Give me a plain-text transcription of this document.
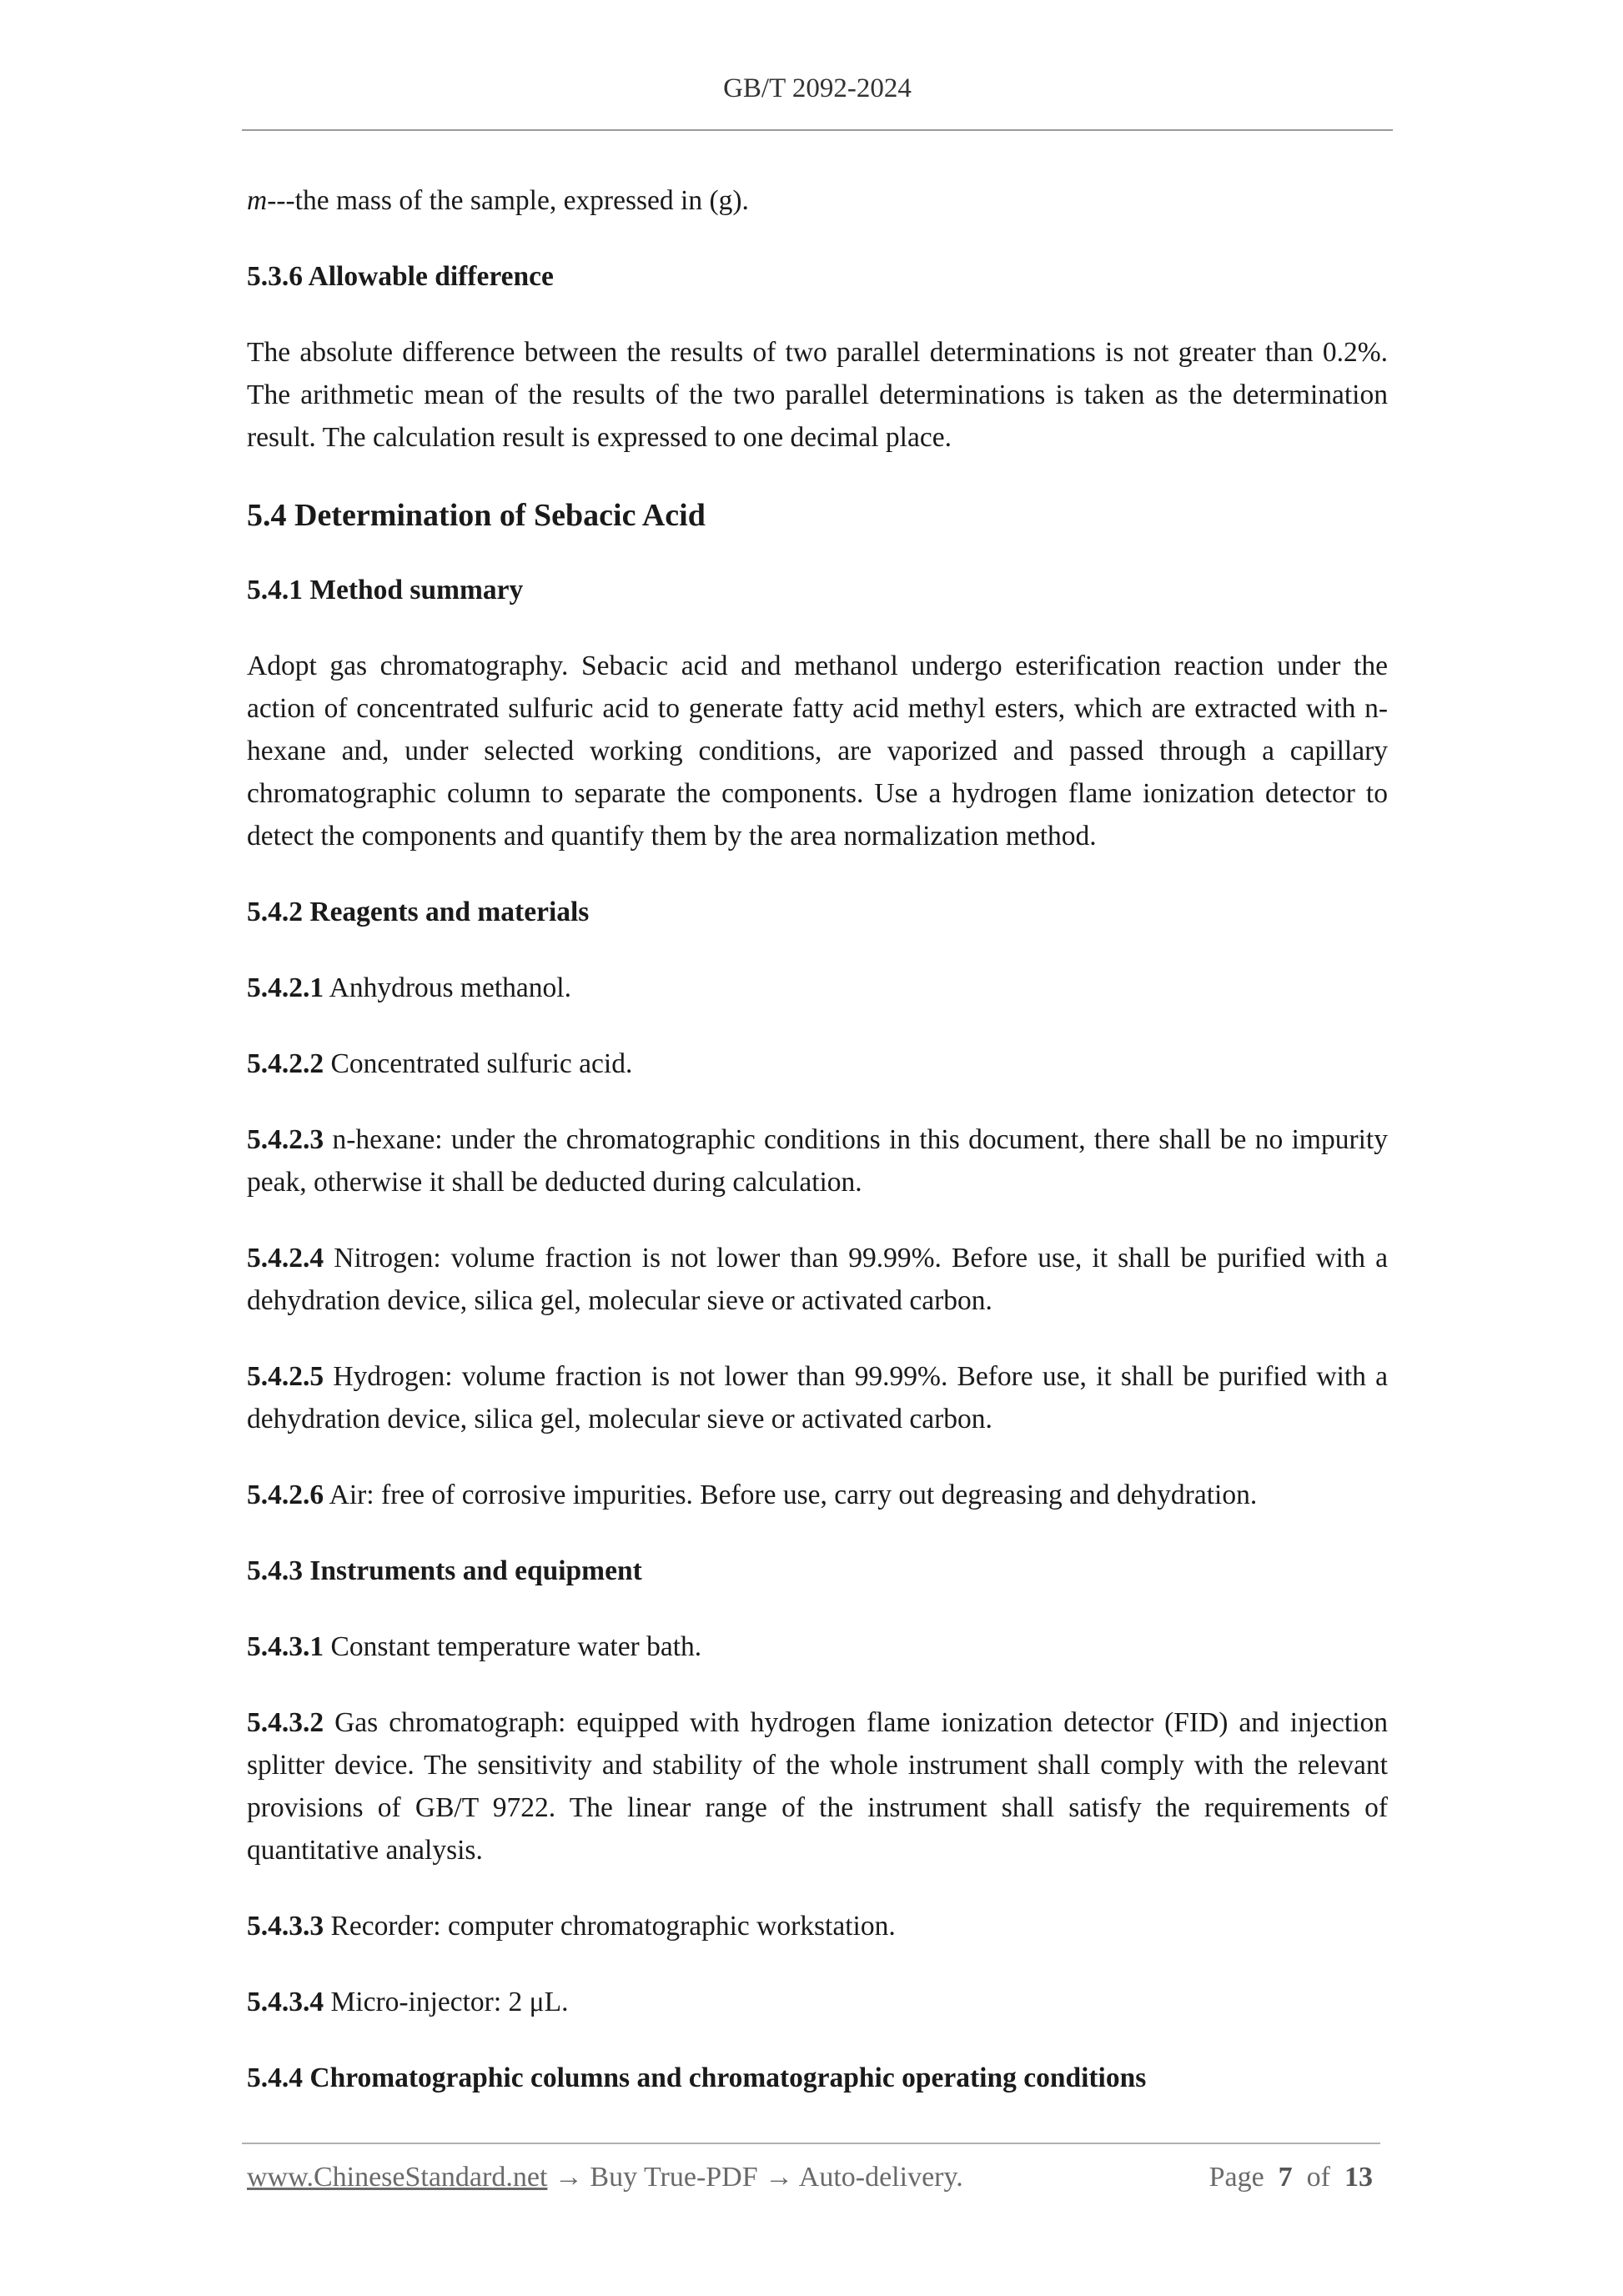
GB/T 2092-2024

m---the mass of the sample, expressed in (g).

5.3.6 Allowable difference

The absolute difference between the results of two parallel determinations is not greater than 0.2%. The arithmetic mean of the results of the two parallel determinations is taken as the determination result. The calculation result is expressed to one decimal place.

5.4 Determination of Sebacic Acid
5.4.1 Method summary

Adopt gas chromatography. Sebacic acid and methanol undergo esterification reaction under the action of concentrated sulfuric acid to generate fatty acid methyl esters, which are extracted with n-hexane and, under selected working conditions, are vaporized and passed through a capillary chromatographic column to separate the components. Use a hydrogen flame ionization detector to detect the components and quantify them by the area normalization method.

5.4.2 Reagents and materials

5.4.2.1 Anhydrous methanol.

5.4.2.2 Concentrated sulfuric acid.

5.4.2.3 n-hexane: under the chromatographic conditions in this document, there shall be no impurity peak, otherwise it shall be deducted during calculation.

5.4.2.4 Nitrogen: volume fraction is not lower than 99.99%. Before use, it shall be purified with a dehydration device, silica gel, molecular sieve or activated carbon.

5.4.2.5 Hydrogen: volume fraction is not lower than 99.99%. Before use, it shall be purified with a dehydration device, silica gel, molecular sieve or activated carbon.

5.4.2.6 Air: free of corrosive impurities. Before use, carry out degreasing and dehydration.

5.4.3 Instruments and equipment

5.4.3.1 Constant temperature water bath.

5.4.3.2 Gas chromatograph: equipped with hydrogen flame ionization detector (FID) and injection splitter device. The sensitivity and stability of the whole instrument shall comply with the relevant provisions of GB/T 9722. The linear range of the instrument shall satisfy the requirements of quantitative analysis.

5.4.3.3 Recorder: computer chromatographic workstation.

5.4.3.4 Micro-injector: 2 μL.

5.4.4 Chromatographic columns and chromatographic operating conditions
www.ChineseStandard.net → Buy True-PDF → Auto-delivery.	Page 7 of 13
